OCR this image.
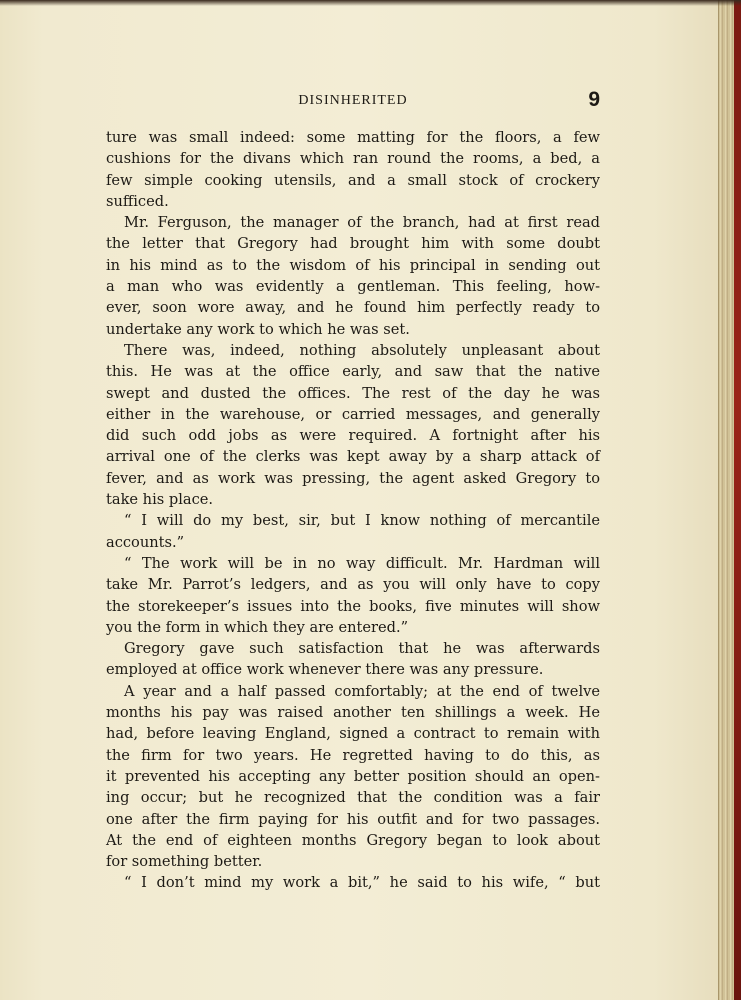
DISINHERITED	9
ture was small indeed: some matting for the floors, a few
cushions for the divans which ran round the rooms, a bed, a
few simple cooking utensils, and a small stock of crockery
sufficed.
Mr. Ferguson, the manager of the branch, had at first read
the letter that Gregory had brought him with some doubt
in his mind as to the wisdom of his principal in sending out
a man who was evidently a gentleman. This feeling, how-
ever, soon wore away, and he found him perfectly ready to
undertake any work to which he was set.
There was, indeed, nothing absolutely unpleasant about
this. He was at the office early, and saw that the native
swept and dusted the offices. The rest of the day he was
either in the warehouse, or carried messages, and generally
did such odd jobs as were required. A fortnight after his
arrival one of the clerks was kept away by a sharp attack of
fever, and as work was pressing, the agent asked Gregory to
take his place.
“ I will do my best, sir, but I know nothing of mercantile
accounts.”
“ The work will be in no way difficult. Mr. Hardman will
take Mr. Parrot’s ledgers, and as you will only have to copy
the storekeeper’s issues into the books, five minutes will show
you the form in which they are entered.”
Gregory gave such satisfaction that he was afterwards
employed at office work whenever there was any pressure.
A year and a half passed comfortably; at the end of twelve
months his pay was raised another ten shillings a week. He
had, before leaving England, signed a contract to remain with
the firm for two years. He regretted having to do this, as
it prevented his accepting any better position should an open-
ing occur; but he recognized that the condition was a fair
one after the firm paying for his outfit and for two passages.
At the end of eighteen months Gregory began to look about
for something better.
“ I don’t mind my work a bit,” he said to his wife, “ but
